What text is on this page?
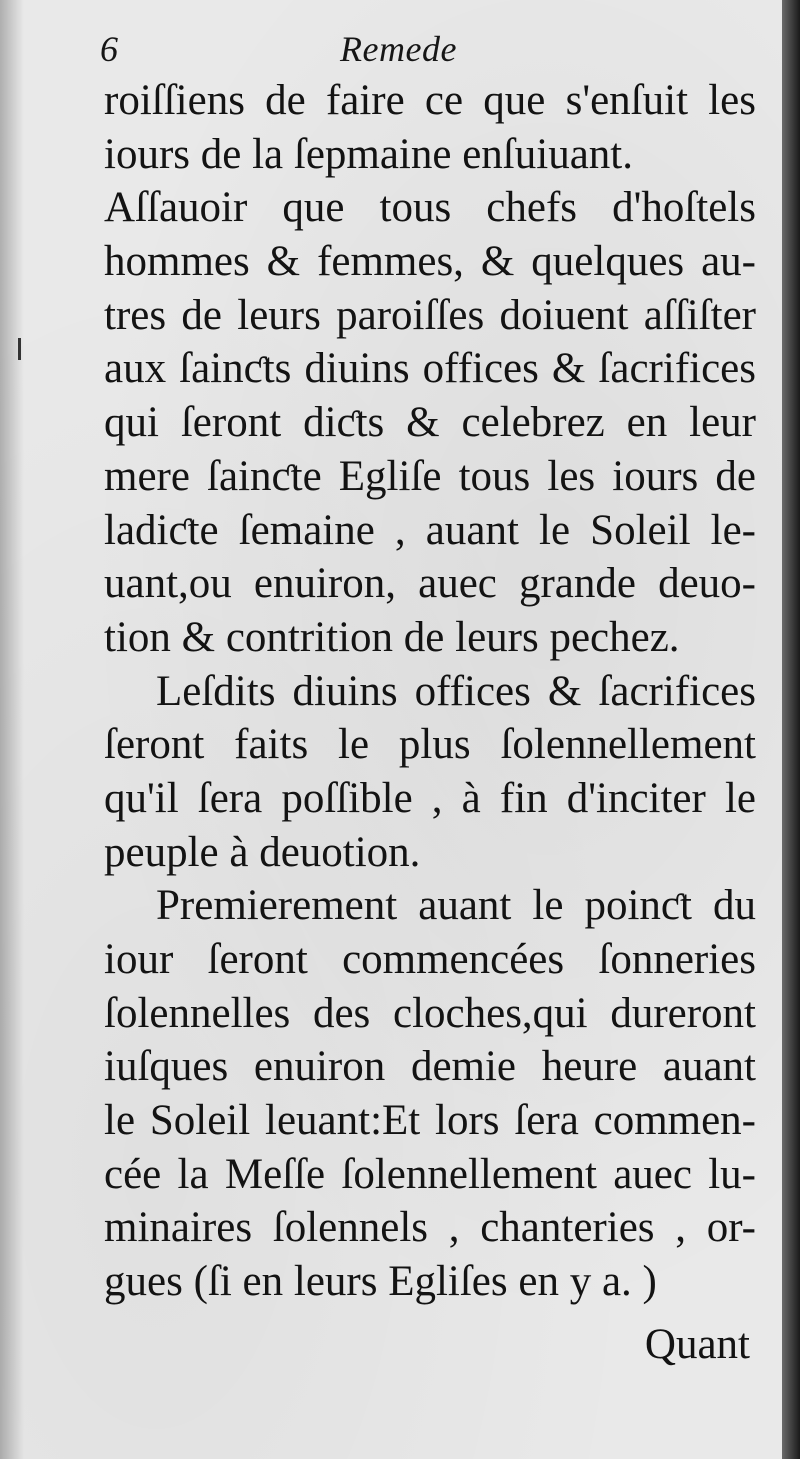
6	Remede
roiſſiens de faire ce que s'enſuit les
iours de la ſepmaine enſuiuant.
Aſſauoir que tous chefs d'hoſtels
hommes & femmes, & quelques au-
tres de leurs paroiſſes doiuent aſſiſter
aux ſainƈts diuins offices & ſacrifices
qui ſeront diƈts & celebrez en leur
mere ſainƈte Egliſe tous les iours de
ladiƈte ſemaine , auant le Soleil le-
uant,ou enuiron, auec grande deuo-
tion & contrition de leurs pechez.
Leſdits diuins offices & ſacrifices
ſeront faits le plus ſolennellement
qu'il ſera poſſible , à fin d'inciter le
peuple à deuotion.
Premierement auant le poinƈt du
iour ſeront commencées ſonneries
ſolennelles des cloches,qui dureront
iuſques enuiron demie heure auant
le Soleil leuant:Et lors ſera commen-
cée la Meſſe ſolennellement auec lu-
minaires ſolennels , chanteries , or-
gues (ſi en leurs Egliſes en y a. )
Quant
